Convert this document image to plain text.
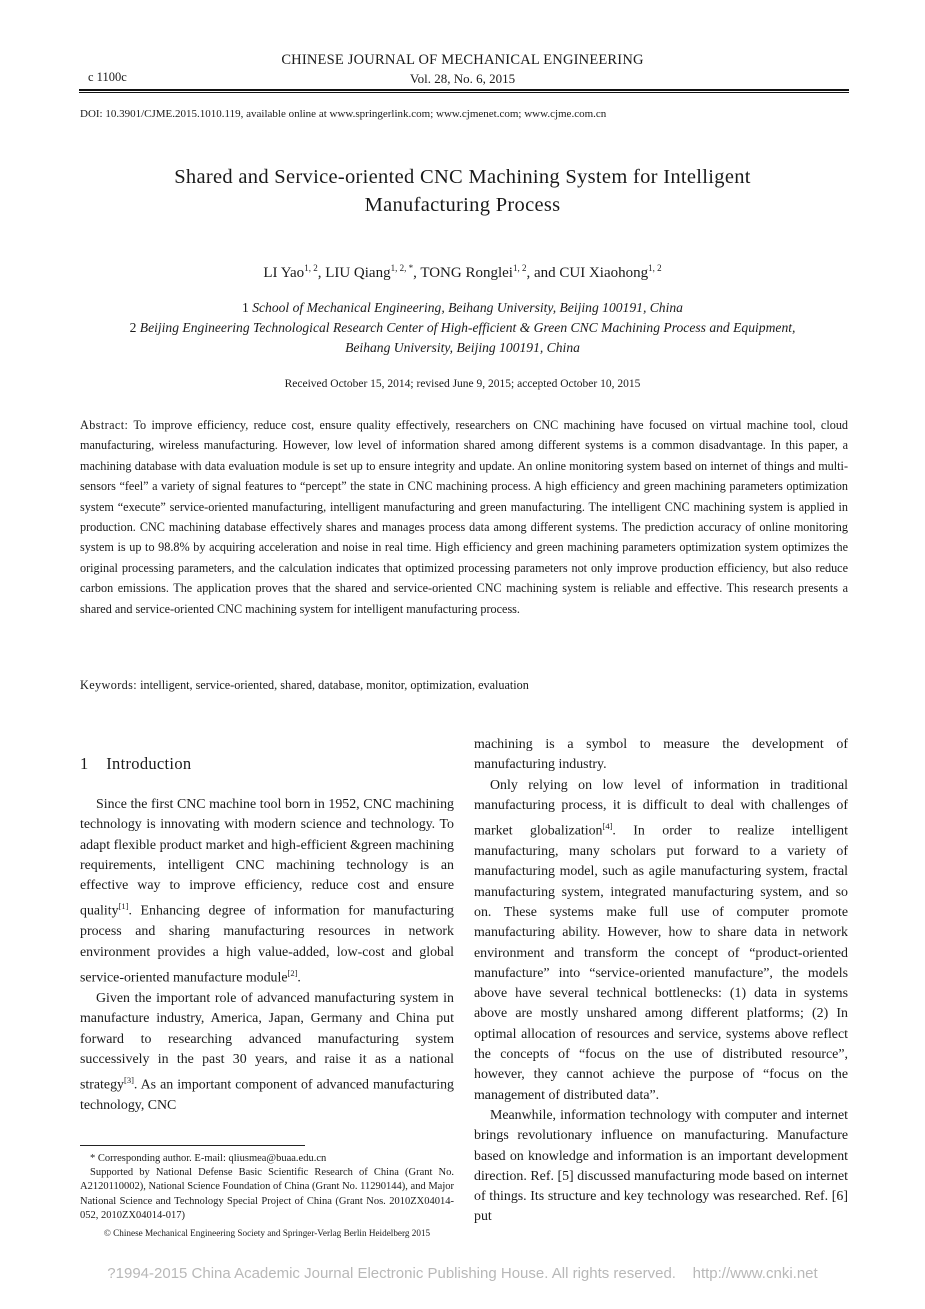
CHINESE JOURNAL OF MECHANICAL ENGINEERING
c 1100c	Vol. 28, No. 6, 2015
DOI: 10.3901/CJME.2015.1010.119, available online at www.springerlink.com; www.cjmenet.com; www.cjme.com.cn
Shared and Service-oriented CNC Machining System for Intelligent
Manufacturing Process
LI Yao$^{1, 2}$, LIU Qiang$^{1, 2, *}$, TONG Ronglei$^{1, 2}$, and CUI Xiaohong$^{1, 2}$
1 School of Mechanical Engineering, Beihang University, Beijing 100191, China
2 Beijing Engineering Technological Research Center of High-efficient & Green CNC Machining Process and Equipment,
Beihang University, Beijing 100191, China
Received October 15, 2014; revised June 9, 2015; accepted October 10, 2015
Abstract: To improve efficiency, reduce cost, ensure quality effectively, researchers on CNC machining have focused on virtual machine tool, cloud manufacturing, wireless manufacturing. However, low level of information shared among different systems is a common disadvantage. In this paper, a machining database with data evaluation module is set up to ensure integrity and update. An online monitoring system based on internet of things and multi-sensors “feel” a variety of signal features to “percept” the state in CNC machining process. A high efficiency and green machining parameters optimization system “execute” service-oriented manufacturing, intelligent manufacturing and green manufacturing. The intelligent CNC machining system is applied in production. CNC machining database effectively shares and manages process data among different systems. The prediction accuracy of online monitoring system is up to 98.8% by acquiring acceleration and noise in real time. High efficiency and green machining parameters optimization system optimizes the original processing parameters, and the calculation indicates that optimized processing parameters not only improve production efficiency, but also reduce carbon emissions. The application proves that the shared and service-oriented CNC machining system is reliable and effective. This research presents a shared and service-oriented CNC machining system for intelligent manufacturing process.
Keywords: intelligent, service-oriented, shared, database, monitor, optimization, evaluation
1    Introduction

Since the first CNC machine tool born in 1952, CNC machining technology is innovating with modern science and technology. To adapt flexible product market and high-efficient &green machining requirements, intelligent CNC machining technology is an effective way to improve efficiency, reduce cost and ensure quality[1]. Enhancing degree of information for manufacturing process and sharing manufacturing resources in network environment provides a high value-added, low-cost and global service-oriented manufacture module[2].

Given the important role of advanced manufacturing system in manufacture industry, America, Japan, Germany and China put forward to researching advanced manufacturing system successively in the past 30 years, and raise it as a national strategy[3]. As an important component of advanced manufacturing technology, CNC

machining is a symbol to measure the development of manufacturing industry.

Only relying on low level of information in traditional manufacturing process, it is difficult to deal with challenges of market globalization[4]. In order to realize intelligent manufacturing, many scholars put forward to a variety of manufacturing model, such as agile manufacturing system, fractal manufacturing system, integrated manufacturing system, and so on. These systems make full use of computer promote manufacturing ability. However, how to share data in network environment and transform the concept of “product-oriented manufacture” into “service-oriented manufacture”, the models above have several technical bottlenecks: (1) data in systems above are mostly unshared among different platforms; (2) In optimal allocation of resources and service, systems above reflect the concepts of “focus on the use of distributed resource”, however, they cannot achieve the purpose of “focus on the management of distributed data”.

Meanwhile, information technology with computer and internet brings revolutionary influence on manufacturing. Manufacture based on knowledge and information is an important development direction. Ref. [5] discussed manufacturing mode based on internet of things. Its structure and key technology was researched. Ref. [6] put

* Corresponding author. E-mail: qliusmea@buaa.edu.cn

Supported by National Defense Basic Scientific Research of China (Grant No. A2120110002), National Science Foundation of China (Grant No. 11290144), and Major National Science and Technology Special Project of China (Grant Nos. 2010ZX04014-052, 2010ZX04014-017)

© Chinese Mechanical Engineering Society and Springer-Verlag Berlin Heidelberg 2015

?1994-2015 China Academic Journal Electronic Publishing House. All rights reserved.    http://www.cnki.net
